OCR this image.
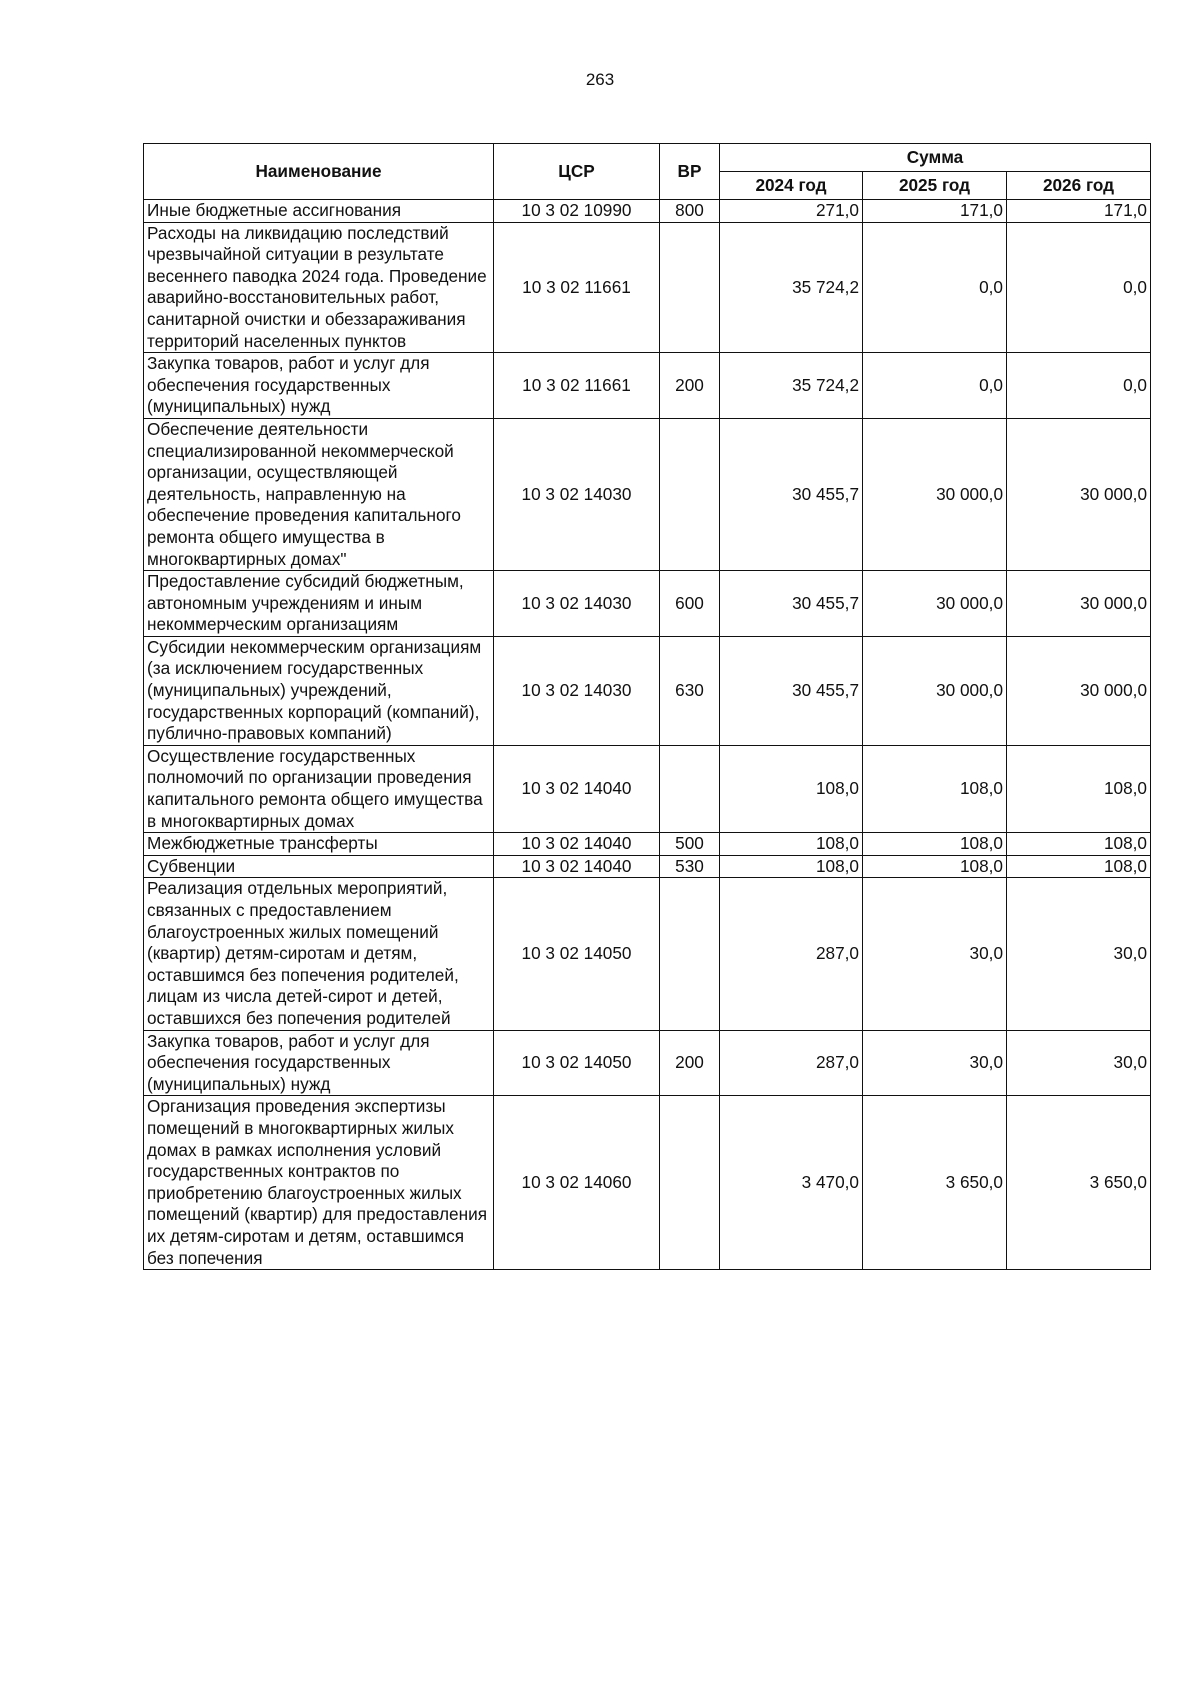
263
Наименование	ЦСР	ВР	Сумма		
			2024 год	2025 год	2026 год
Иные бюджетные ассигнования	10 3 02 10990	800	271,0	171,0	171,0
Расходы на ликвидацию последствий чрезвычайной ситуации в результате весеннего паводка 2024 года. Проведение аварийно-восстановительных работ, санитарной очистки и обеззараживания территорий населенных пунктов	10 3 02 11661		35 724,2	0,0	0,0
Закупка товаров, работ и услуг для обеспечения государственных (муниципальных) нужд	10 3 02 11661	200	35 724,2	0,0	0,0
Обеспечение деятельности специализированной некоммерческой организации, осуществляющей деятельность, направленную на обеспечение проведения капитального ремонта общего имущества в многоквартирных домах"	10 3 02 14030		30 455,7	30 000,0	30 000,0
Предоставление субсидий бюджетным, автономным учреждениям и иным некоммерческим организациям	10 3 02 14030	600	30 455,7	30 000,0	30 000,0
Субсидии некоммерческим организациям (за исключением государственных (муниципальных) учреждений, государственных корпораций (компаний), публично-правовых компаний)	10 3 02 14030	630	30 455,7	30 000,0	30 000,0
Осуществление государственных полномочий по организации проведения капитального ремонта общего имущества в многоквартирных домах	10 3 02 14040		108,0	108,0	108,0
Межбюджетные трансферты	10 3 02 14040	500	108,0	108,0	108,0
Субвенции	10 3 02 14040	530	108,0	108,0	108,0
Реализация отдельных мероприятий, связанных с предоставлением благоустроенных жилых помещений (квартир) детям-сиротам и детям, оставшимся без попечения родителей, лицам из числа детей-сирот и детей, оставшихся без попечения родителей	10 3 02 14050		287,0	30,0	30,0
Закупка товаров, работ и услуг для обеспечения государственных (муниципальных) нужд	10 3 02 14050	200	287,0	30,0	30,0
Организация проведения экспертизы помещений в многоквартирных жилых домах в рамках исполнения условий государственных контрактов по приобретению благоустроенных жилых помещений (квартир) для предоставления их детям-сиротам и детям, оставшимся без попечения	10 3 02 14060		3 470,0	3 650,0	3 650,0
